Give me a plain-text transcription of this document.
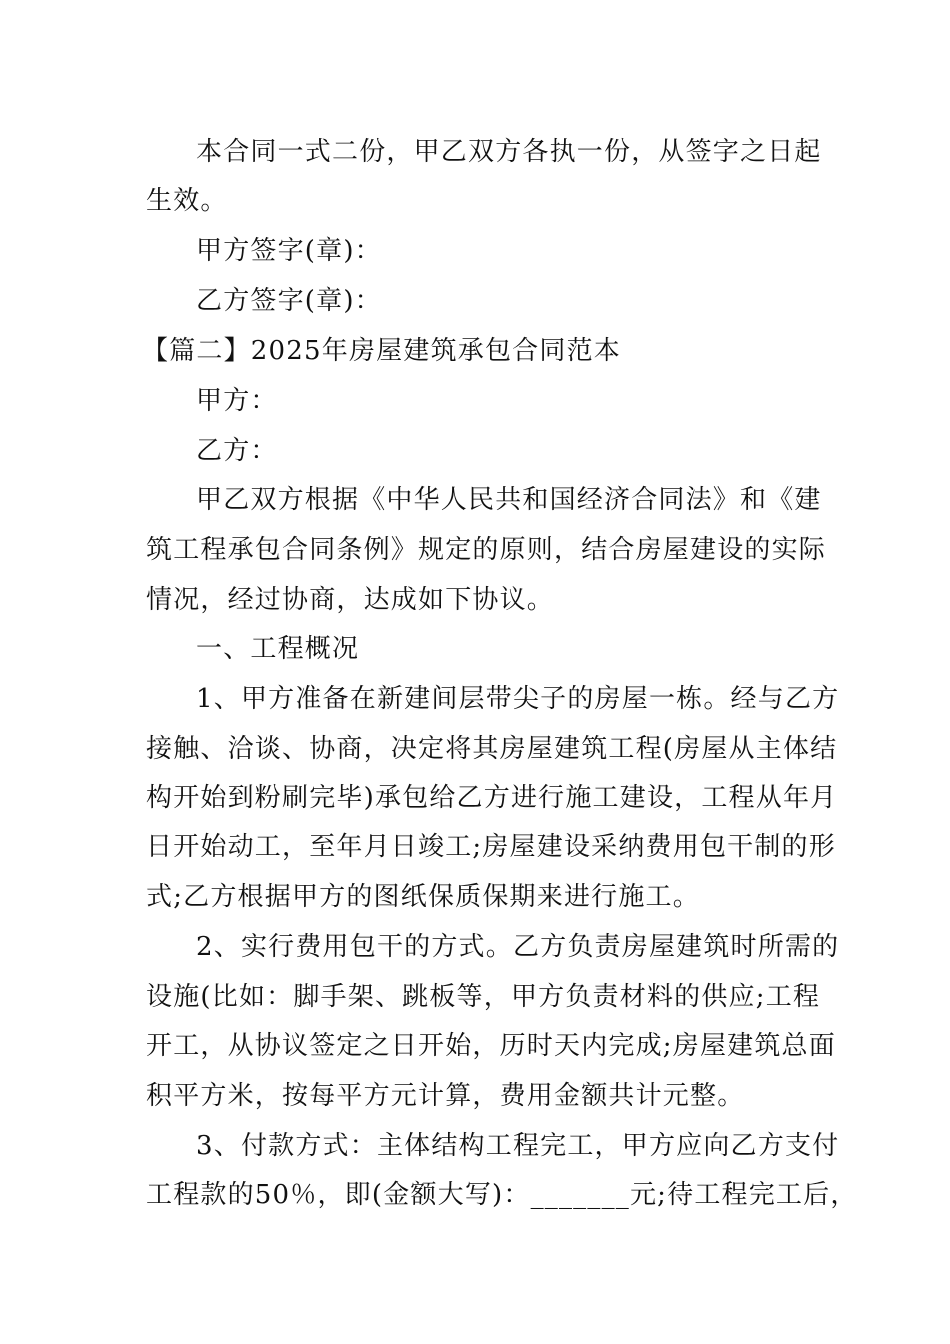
本合同一式二份，甲乙双方各执一份，从签字之日起
生效。
甲方签字(章)：
乙方签字(章)：
【篇二】2025年房屋建筑承包合同范本
甲方：
乙方：
甲乙双方根据《中华人民共和国经济合同法》和《建
筑工程承包合同条例》规定的原则，结合房屋建设的实际
情况，经过协商，达成如下协议。
一、工程概况
1、甲方准备在新建间层带尖子的房屋一栋。经与乙方
接触、洽谈、协商，决定将其房屋建筑工程(房屋从主体结
构开始到粉刷完毕)承包给乙方进行施工建设，工程从年月
日开始动工，至年月日竣工;房屋建设采纳费用包干制的形
式;乙方根据甲方的图纸保质保期来进行施工。
2、实行费用包干的方式。乙方负责房屋建筑时所需的
设施(比如：脚手架、跳板等，甲方负责材料的供应;工程
开工，从协议签定之日开始，历时天内完成;房屋建筑总面
积平方米，按每平方元计算，费用金额共计元整。
3、付款方式：主体结构工程完工，甲方应向乙方支付
工程款的50％，即(金额大写)：_______元;待工程完工后，
